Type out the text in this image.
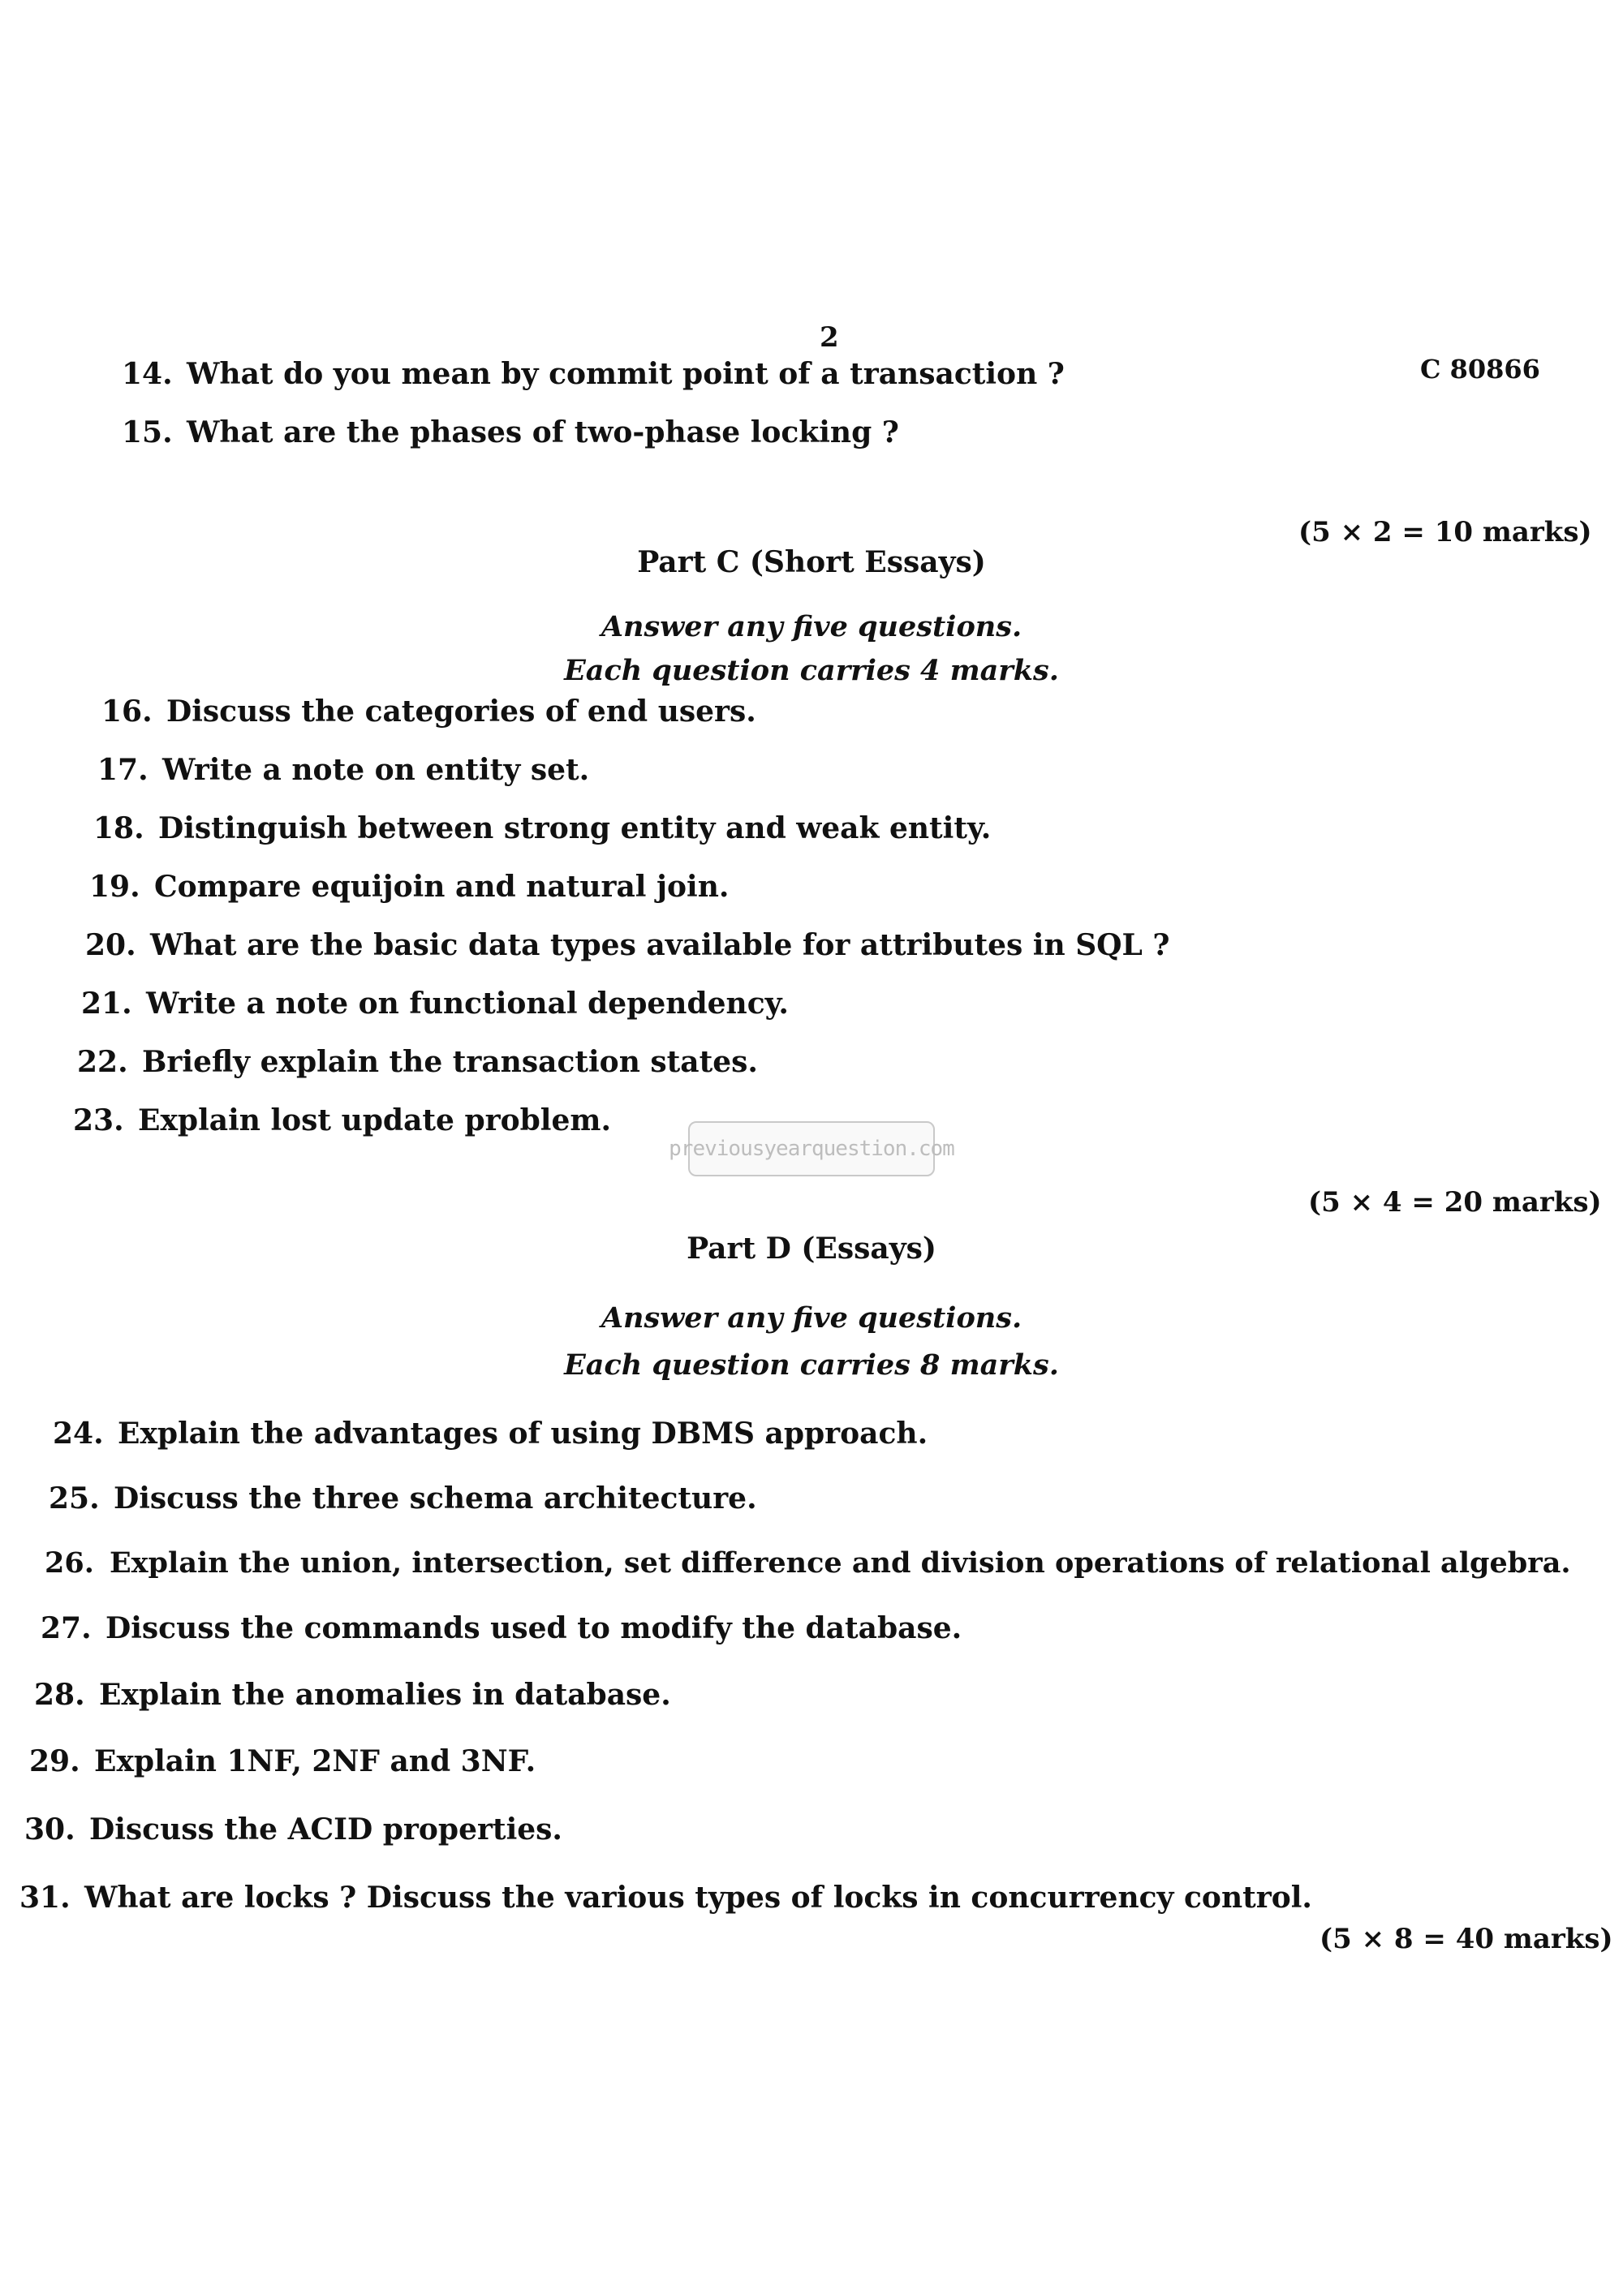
2
C 80866
14. What do you mean by commit point of a transaction ?
15. What are the phases of two-phase locking ?
(5 × 2 = 10 marks)
Part C (Short Essays)
Answer any five questions.
Each question carries 4 marks.
16. Discuss the categories of end users.
17. Write a note on entity set.
18. Distinguish between strong entity and weak entity.
19. Compare equijoin and natural join.
20. What are the basic data types available for attributes in SQL ?
21. Write a note on functional dependency.
22. Briefly explain the transaction states.
23. Explain lost update problem.
previousyearquestion.com
(5 × 4 = 20 marks)
Part D (Essays)
Answer any five questions.
Each question carries 8 marks.
24. Explain the advantages of using DBMS approach.
25. Discuss the three schema architecture.
26. Explain the union, intersection, set difference and division operations of relational algebra.
27. Discuss the commands used to modify the database.
28. Explain the anomalies in database.
29. Explain 1NF, 2NF and 3NF.
30. Discuss the ACID properties.
31. What are locks ? Discuss the various types of locks in concurrency control.
(5 × 8 = 40 marks)
